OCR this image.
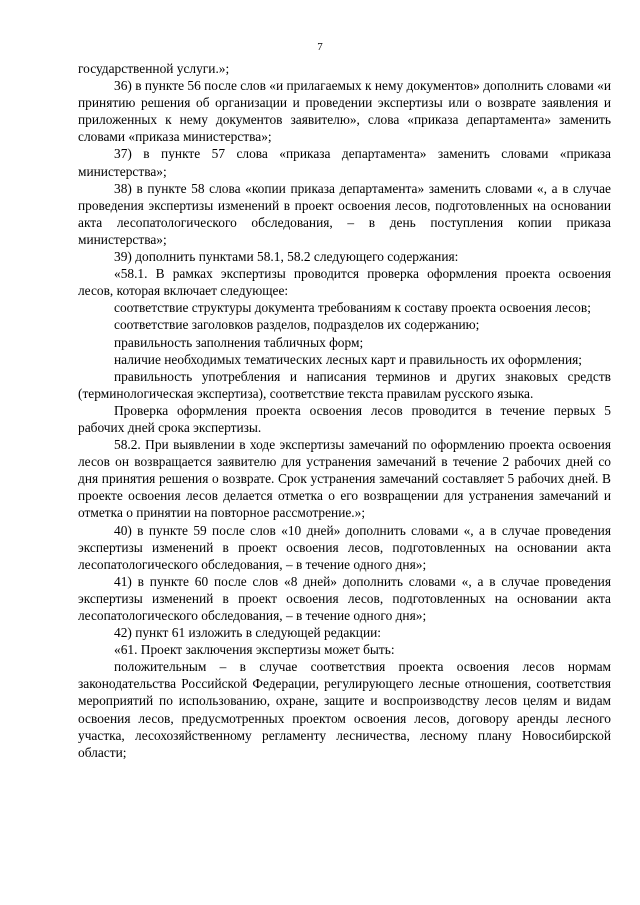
7

государственной услуги.»;

36) в пункте 56 после слов «и прилагаемых к нему документов» дополнить словами «и принятию решения об организации и проведении экспертизы или о возврате заявления и приложенных к нему документов заявителю», слова «приказа департамента» заменить словами «приказа министерства»;

37) в пункте 57 слова «приказа департамента» заменить словами «приказа министерства»;

38) в пункте 58 слова «копии приказа департамента» заменить словами «, а в случае проведения экспертизы изменений в проект освоения лесов, подготовленных на основании акта лесопатологического обследования, – в день поступления копии приказа министерства»;

39) дополнить пунктами 58.1, 58.2 следующего содержания:

«58.1. В рамках экспертизы проводится проверка оформления проекта освоения лесов, которая включает следующее:

соответствие структуры документа требованиям к составу проекта освоения лесов;

соответствие заголовков разделов, подразделов их содержанию;

правильность заполнения табличных форм;

наличие необходимых тематических лесных карт и правильность их оформления;

правильность употребления и написания терминов и других знаковых средств (терминологическая экспертиза), соответствие текста правилам русского языка.

Проверка оформления проекта освоения лесов проводится в течение первых 5 рабочих дней срока экспертизы.

58.2. При выявлении в ходе экспертизы замечаний по оформлению проекта освоения лесов он возвращается заявителю для устранения замечаний в течение 2 рабочих дней со дня принятия решения о возврате. Срок устранения замечаний составляет 5 рабочих дней. В проекте освоения лесов делается отметка о его возвращении для устранения замечаний и отметка о принятии на повторное рассмотрение.»;

40) в пункте 59 после слов «10 дней» дополнить словами «, а в случае проведения экспертизы изменений в проект освоения лесов, подготовленных на основании акта лесопатологического обследования, – в течение одного дня»;

41) в пункте 60 после слов «8 дней» дополнить словами «, а в случае проведения экспертизы изменений в проект освоения лесов, подготовленных на основании акта лесопатологического обследования, – в течение одного дня»;

42) пункт 61 изложить в следующей редакции:

«61. Проект заключения экспертизы может быть:

положительным – в случае соответствия проекта освоения лесов нормам законодательства Российской Федерации, регулирующего лесные отношения, соответствия мероприятий по использованию, охране, защите и воспроизводству лесов целям и видам освоения лесов, предусмотренных проектом освоения лесов, договору аренды лесного участка, лесохозяйственному регламенту лесничества, лесному плану Новосибирской области;
